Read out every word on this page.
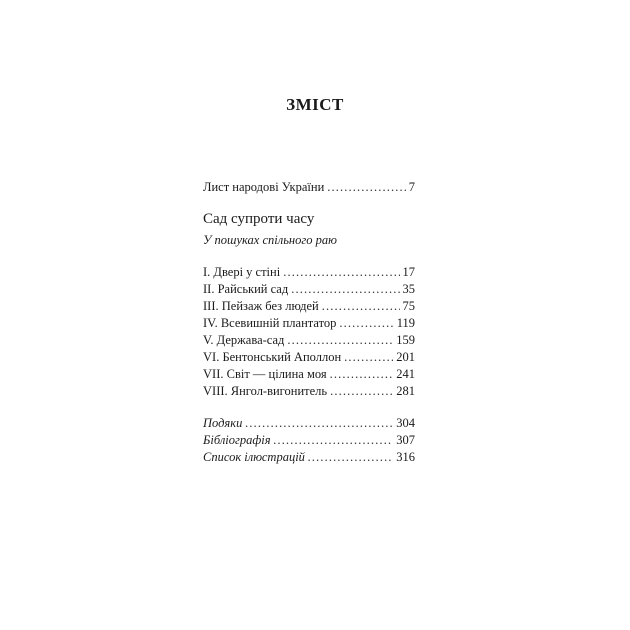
ЗМІСТ
Лист народові України . . .	7
Сад супроти часу
У пошуках спільного раю
I. Двері у стіні . . .	17
II. Райський сад . . .	35
III. Пейзаж без людей . . .	75
IV. Всевишній плантатор . . .	119
V. Держава-сад . . .	159
VI. Бентонський Аполлон . . .	201
VII. Світ — цілина моя . . .	241
VIII. Янгол-вигонитель . . .	281
Подяки . . .	304
Бібліографія . . .	307
Список ілюстрацій . . .	316
